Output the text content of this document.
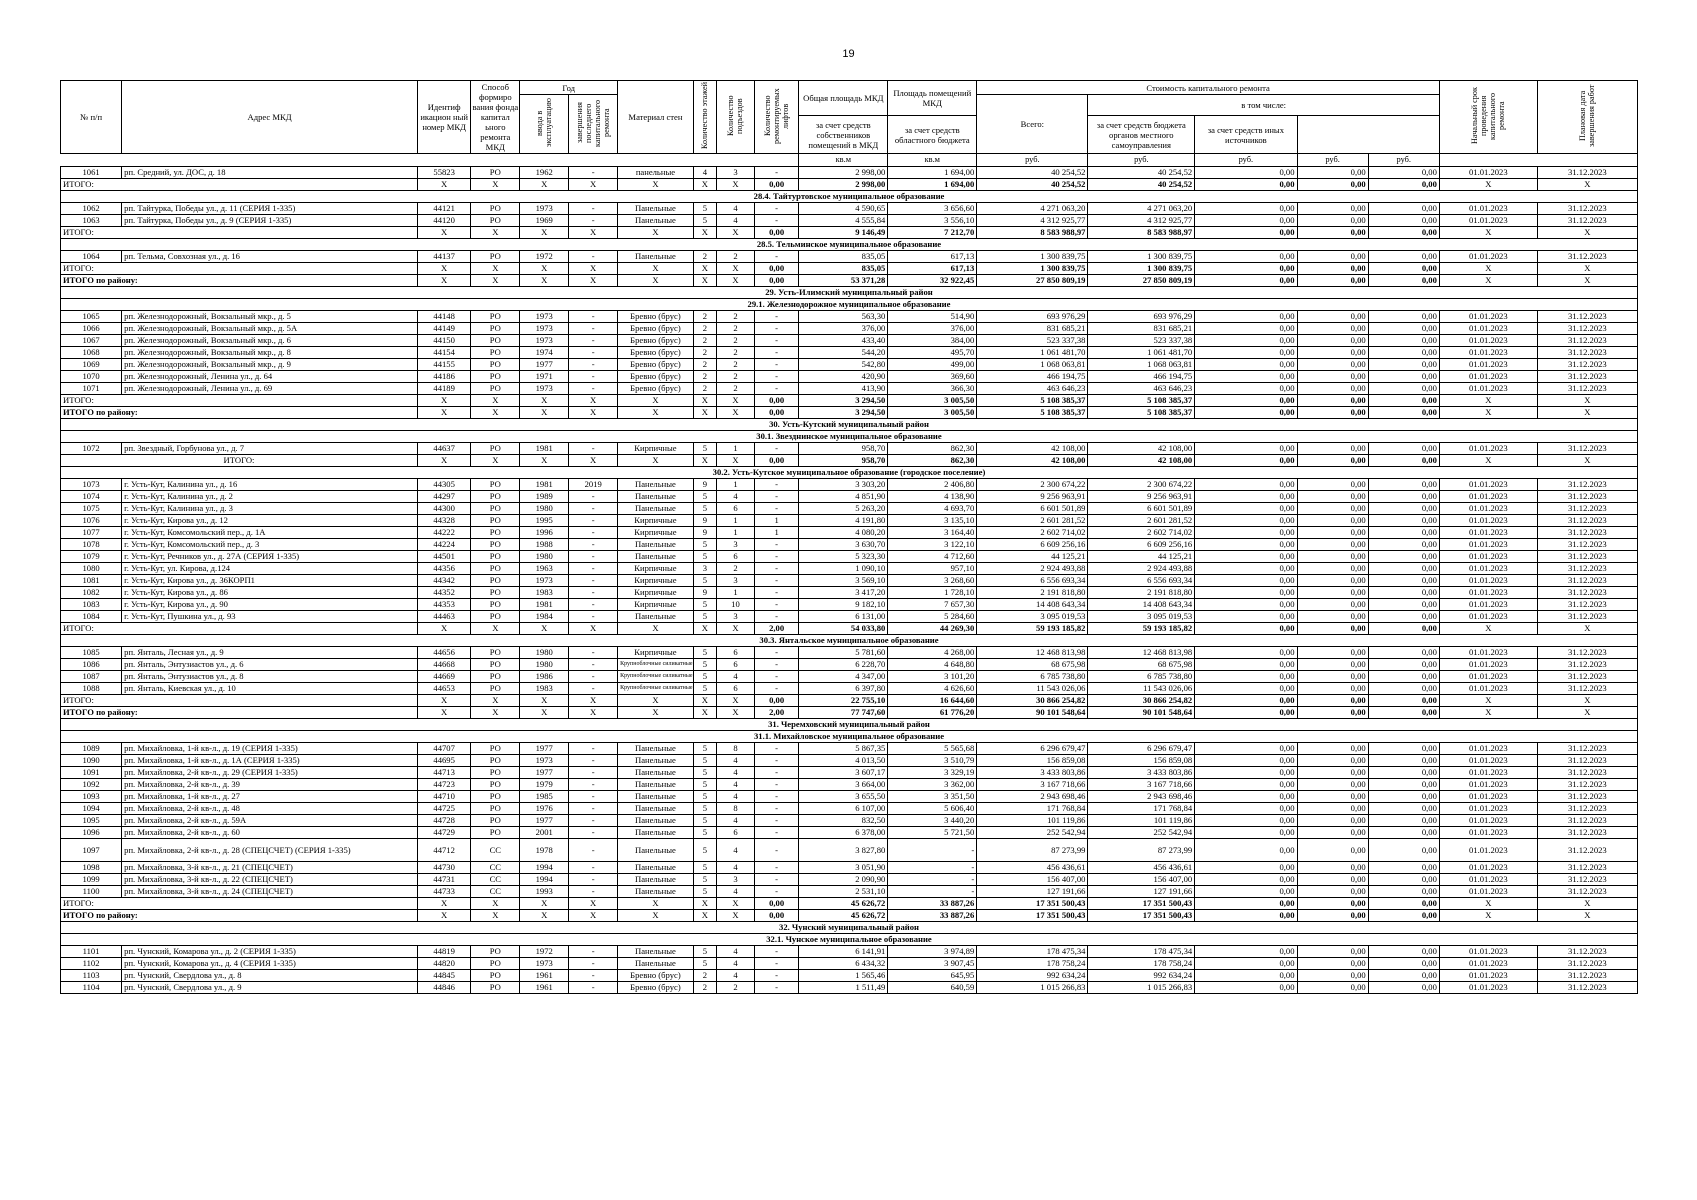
19
№ п/п	Адрес МКД	Идентиф икацион ный номер МКД	Способ формиро вания фонда капитал ьного ремонта МКД	Год		Материал стен	Количество этажей	Количество подъездов	Количество ремонтируемых лифтов	Общая площадь МКД	Площадь помещений МКД	Стоимость капитального ремонта					Начальный срок проведения капитального ремонта	Плановая дата завершения работ
				ввода в эксплуатацию	завершения последнего капитального ремонта							Всего:	в том числе:					
										за счет средств собственников помещений в МКД	за счет средств областного бюджета		за счет средств бюджета органов местного самоуправления	за счет средств иных источников				
										кв.м	кв.м	руб.	руб.	руб.	руб.	руб.		
1061	рп. Средний, ул. ДОС, д. 18	55823	РО	1962	-	панельные	4	3	-	2 998,00	1 694,00	40 254,52	40 254,52	0,00	0,00	0,00	01.01.2023	31.12.2023
ИТОГО:		X	X	X	X	X	X	X	0,00	2 998,00	1 694,00	40 254,52	40 254,52	0,00	0,00	0,00	X	X
28.4. Тайтуртовское муниципальное образование																		
1062	рп. Тайтурка, Победы ул., д. 11 (СЕРИЯ 1-335)	44121	РО	1973	-	Панельные	5	4	-	4 590,65	3 656,60	4 271 063,20	4 271 063,20	0,00	0,00	0,00	01.01.2023	31.12.2023
1063	рп. Тайтурка, Победы ул., д. 9 (СЕРИЯ 1-335)	44120	РО	1969	-	Панельные	5	4	-	4 555,84	3 556,10	4 312 925,77	4 312 925,77	0,00	0,00	0,00	01.01.2023	31.12.2023
ИТОГО:		X	X	X	X	X	X	X	0,00	9 146,49	7 212,70	8 583 988,97	8 583 988,97	0,00	0,00	0,00	X	X
28.5. Тельминское муниципальное образование																		
1064	рп. Тельма, Совхозная ул., д. 16	44137	РО	1972	-	Панельные	2	2	-	835,05	617,13	1 300 839,75	1 300 839,75	0,00	0,00	0,00	01.01.2023	31.12.2023
ИТОГО:		X	X	X	X	X	X	X	0,00	835,05	617,13	1 300 839,75	1 300 839,75	0,00	0,00	0,00	X	X
ИТОГО по району:		X	X	X	X	X	X	X	0,00	53 371,28	32 922,45	27 850 809,19	27 850 809,19	0,00	0,00	0,00	X	X
29. Усть-Илимский муниципальный район																		
29.1. Железнодорожное муниципальное образование																		
1065	рп. Железнодорожный, Вокзальный мкр., д. 5	44148	РО	1973	-	Бревно (брус)	2	2	-	563,30	514,90	693 976,29	693 976,29	0,00	0,00	0,00	01.01.2023	31.12.2023
1066	рп. Железнодорожный, Вокзальный мкр., д. 5А	44149	РО	1973	-	Бревно (брус)	2	2	-	376,00	376,00	831 685,21	831 685,21	0,00	0,00	0,00	01.01.2023	31.12.2023
1067	рп. Железнодорожный, Вокзальный мкр., д. 6	44150	РО	1973	-	Бревно (брус)	2	2	-	433,40	384,00	523 337,38	523 337,38	0,00	0,00	0,00	01.01.2023	31.12.2023
1068	рп. Железнодорожный, Вокзальный мкр., д. 8	44154	РО	1974	-	Бревно (брус)	2	2	-	544,20	495,70	1 061 481,70	1 061 481,70	0,00	0,00	0,00	01.01.2023	31.12.2023
1069	рп. Железнодорожный, Вокзальный мкр., д. 9	44155	РО	1977	-	Бревно (брус)	2	2	-	542,80	499,00	1 068 063,81	1 068 063,81	0,00	0,00	0,00	01.01.2023	31.12.2023
1070	рп. Железнодорожный, Ленина ул., д. 64	44186	РО	1971	-	Бревно (брус)	2	2	-	420,90	369,60	466 194,75	466 194,75	0,00	0,00	0,00	01.01.2023	31.12.2023
1071	рп. Железнодорожный, Ленина ул., д. 69	44189	РО	1973	-	Бревно (брус)	2	2	-	413,90	366,30	463 646,23	463 646,23	0,00	0,00	0,00	01.01.2023	31.12.2023
ИТОГО:		X	X	X	X	X	X	X	0,00	3 294,50	3 005,50	5 108 385,37	5 108 385,37	0,00	0,00	0,00	X	X
ИТОГО по району:		X	X	X	X	X	X	X	0,00	3 294,50	3 005,50	5 108 385,37	5 108 385,37	0,00	0,00	0,00	X	X
30. Усть-Кутский муниципальный район																		
30.1. Звезднинское муниципальное образование																		
1072	рп. Звездный, Горбунова ул., д. 7	44637	РО	1981	-	Кирпичные	5	1	-	958,70	862,30	42 108,00	42 108,00	0,00	0,00	0,00	01.01.2023	31.12.2023
ИТОГО:		X	X	X	X	X	X	X	0,00	958,70	862,30	42 108,00	42 108,00	0,00	0,00	0,00	X	X
30.2. Усть-Кутское муниципальное образование (городское поселение)																		
1073	г. Усть-Кут, Калинина ул., д. 16	44305	РО	1981	2019	Панельные	9	1	-	3 303,20	2 406,80	2 300 674,22	2 300 674,22	0,00	0,00	0,00	01.01.2023	31.12.2023
1074	г. Усть-Кут, Калинина ул., д. 2	44297	РО	1989	-	Панельные	5	4	-	4 851,90	4 138,90	9 256 963,91	9 256 963,91	0,00	0,00	0,00	01.01.2023	31.12.2023
1075	г. Усть-Кут, Калинина ул., д. 3	44300	РО	1980	-	Панельные	5	6	-	5 263,20	4 693,70	6 601 501,89	6 601 501,89	0,00	0,00	0,00	01.01.2023	31.12.2023
1076	г. Усть-Кут, Кирова ул., д. 12	44328	РО	1995	-	Кирпичные	9	1	1	4 191,80	3 135,10	2 601 281,52	2 601 281,52	0,00	0,00	0,00	01.01.2023	31.12.2023
1077	г. Усть-Кут, Комсомольский пер., д. 1А	44222	РО	1996	-	Кирпичные	9	1	1	4 080,20	3 164,40	2 602 714,02	2 602 714,02	0,00	0,00	0,00	01.01.2023	31.12.2023
1078	г. Усть-Кут, Комсомольский пер., д. 3	44224	РО	1988	-	Панельные	5	3	-	3 630,70	3 122,10	6 609 256,16	6 609 256,16	0,00	0,00	0,00	01.01.2023	31.12.2023
1079	г. Усть-Кут, Речников ул., д. 27А (СЕРИЯ 1-335)	44501	РО	1980	-	Панельные	5	6	-	5 323,30	4 712,60	44 125,21	44 125,21	0,00	0,00	0,00	01.01.2023	31.12.2023
1080	г. Усть-Кут, ул. Кирова, д.124	44356	РО	1963	-	Кирпичные	3	2	-	1 090,10	957,10	2 924 493,88	2 924 493,88	0,00	0,00	0,00	01.01.2023	31.12.2023
1081	г. Усть-Кут, Кирова ул., д. 36КОРП1	44342	РО	1973	-	Кирпичные	5	3	-	3 569,10	3 268,60	6 556 693,34	6 556 693,34	0,00	0,00	0,00	01.01.2023	31.12.2023
1082	г. Усть-Кут, Кирова ул., д. 86	44352	РО	1983	-	Кирпичные	9	1	-	3 417,20	1 728,10	2 191 818,80	2 191 818,80	0,00	0,00	0,00	01.01.2023	31.12.2023
1083	г. Усть-Кут, Кирова ул., д. 90	44353	РО	1981	-	Кирпичные	5	10	-	9 182,10	7 657,30	14 408 643,34	14 408 643,34	0,00	0,00	0,00	01.01.2023	31.12.2023
1084	г. Усть-Кут, Пушкина ул., д. 93	44463	РО	1984	-	Панельные	5	3	-	6 131,00	5 284,60	3 095 019,53	3 095 019,53	0,00	0,00	0,00	01.01.2023	31.12.2023
ИТОГО:		X	X	X	X	X	X	X	2,00	54 033,80	44 269,30	59 193 185,82	59 193 185,82	0,00	0,00	0,00	X	X
30.3. Янтальское муниципальное образование																		
1085	рп. Янталь, Лесная ул., д. 9	44656	РО	1980	-	Кирпичные	5	6	-	5 781,60	4 268,00	12 468 813,98	12 468 813,98	0,00	0,00	0,00	01.01.2023	31.12.2023
1086	рп. Янталь, Энтузиастов ул., д. 6	44668	РО	1980	-	Крупноблочные силикатные	5	6	-	6 228,70	4 648,80	68 675,98	68 675,98	0,00	0,00	0,00	01.01.2023	31.12.2023
1087	рп. Янталь, Энтузиастов ул., д. 8	44669	РО	1986	-	Крупноблочные силикатные	5	4	-	4 347,00	3 101,20	6 785 738,80	6 785 738,80	0,00	0,00	0,00	01.01.2023	31.12.2023
1088	рп. Янталь, Киевская ул., д. 10	44653	РО	1983	-	Крупноблочные силикатные	5	6	-	6 397,80	4 626,60	11 543 026,06	11 543 026,06	0,00	0,00	0,00	01.01.2023	31.12.2023
ИТОГО:		X	X	X	X	X	X	X	0,00	22 755,10	16 644,60	30 866 254,82	30 866 254,82	0,00	0,00	0,00	X	X
ИТОГО по району:		X	X	X	X	X	X	X	2,00	77 747,60	61 776,20	90 101 548,64	90 101 548,64	0,00	0,00	0,00	X	X
31. Черемховский муниципальный район																		
31.1. Михайловское муниципальное образование																		
1089	рп. Михайловка, 1-й кв-л., д. 19 (СЕРИЯ 1-335)	44707	РО	1977	-	Панельные	5	8	-	5 867,35	5 565,68	6 296 679,47	6 296 679,47	0,00	0,00	0,00	01.01.2023	31.12.2023
1090	рп. Михайловка, 1-й кв-л., д. 1А (СЕРИЯ 1-335)	44695	РО	1973	-	Панельные	5	4	-	4 013,50	3 510,79	156 859,08	156 859,08	0,00	0,00	0,00	01.01.2023	31.12.2023
1091	рп. Михайловка, 2-й кв-л., д. 29 (СЕРИЯ 1-335)	44713	РО	1977	-	Панельные	5	4	-	3 607,17	3 329,19	3 433 803,86	3 433 803,86	0,00	0,00	0,00	01.01.2023	31.12.2023
1092	рп. Михайловка, 2-й кв-л., д. 39	44723	РО	1979	-	Панельные	5	4	-	3 664,00	3 362,00	3 167 718,66	3 167 718,66	0,00	0,00	0,00	01.01.2023	31.12.2023
1093	рп. Михайловка, 1-й кв-л., д. 27	44710	РО	1985	-	Панельные	5	4	-	3 655,50	3 351,50	2 943 698,46	2 943 698,46	0,00	0,00	0,00	01.01.2023	31.12.2023
1094	рп. Михайловка, 2-й кв-л., д. 48	44725	РО	1976	-	Панельные	5	8	-	6 107,00	5 606,40	171 768,84	171 768,84	0,00	0,00	0,00	01.01.2023	31.12.2023
1095	рп. Михайловка, 2-й кв-л., д. 59А	44728	РО	1977	-	Панельные	5	4	-	832,50	3 440,20	101 119,86	101 119,86	0,00	0,00	0,00	01.01.2023	31.12.2023
1096	рп. Михайловка, 2-й кв-л., д. 60	44729	РО	2001	-	Панельные	5	6	-	6 378,00	5 721,50	252 542,94	252 542,94	0,00	0,00	0,00	01.01.2023	31.12.2023
1097	рп. Михайловка, 2-й кв-л., д. 28 (СПЕЦСЧЕТ) (СЕРИЯ 1-335)	44712	СС	1978	-	Панельные	5	4	-	3 827,80	-	87 273,99	87 273,99	0,00	0,00	0,00	01.01.2023	31.12.2023
1098	рп. Михайловка, 3-й кв-л., д. 21 (СПЕЦСЧЕТ)	44730	СС	1994	-	Панельные	5	4	-	3 051,90	-	456 436,61	456 436,61	0,00	0,00	0,00	01.01.2023	31.12.2023
1099	рп. Михайловка, 3-й кв-л., д. 22 (СПЕЦСЧЕТ)	44731	СС	1994	-	Панельные	5	3	-	2 090,90	-	156 407,00	156 407,00	0,00	0,00	0,00	01.01.2023	31.12.2023
1100	рп. Михайловка, 3-й кв-л., д. 24 (СПЕЦСЧЕТ)	44733	СС	1993	-	Панельные	5	4	-	2 531,10	-	127 191,66	127 191,66	0,00	0,00	0,00	01.01.2023	31.12.2023
ИТОГО:		X	X	X	X	X	X	X	0,00	45 626,72	33 887,26	17 351 500,43	17 351 500,43	0,00	0,00	0,00	X	X
ИТОГО по району:		X	X	X	X	X	X	X	0,00	45 626,72	33 887,26	17 351 500,43	17 351 500,43	0,00	0,00	0,00	X	X
32. Чунский муниципальный район																		
32.1. Чунское муниципальное образование																		
1101	рп. Чунский, Комарова ул., д. 2 (СЕРИЯ 1-335)	44819	РО	1972	-	Панельные	5	4	-	6 141,91	3 974,89	178 475,34	178 475,34	0,00	0,00	0,00	01.01.2023	31.12.2023
1102	рп. Чунский, Комарова ул., д. 4 (СЕРИЯ 1-335)	44820	РО	1973	-	Панельные	5	4	-	6 434,32	3 907,45	178 758,24	178 758,24	0,00	0,00	0,00	01.01.2023	31.12.2023
1103	рп. Чунский, Свердлова ул., д. 8	44845	РО	1961	-	Бревно (брус)	2	4	-	1 565,46	645,95	992 634,24	992 634,24	0,00	0,00	0,00	01.01.2023	31.12.2023
1104	рп. Чунский, Свердлова ул., д. 9	44846	РО	1961	-	Бревно (брус)	2	2	-	1 511,49	640,59	1 015 266,83	1 015 266,83	0,00	0,00	0,00	01.01.2023	31.12.2023
